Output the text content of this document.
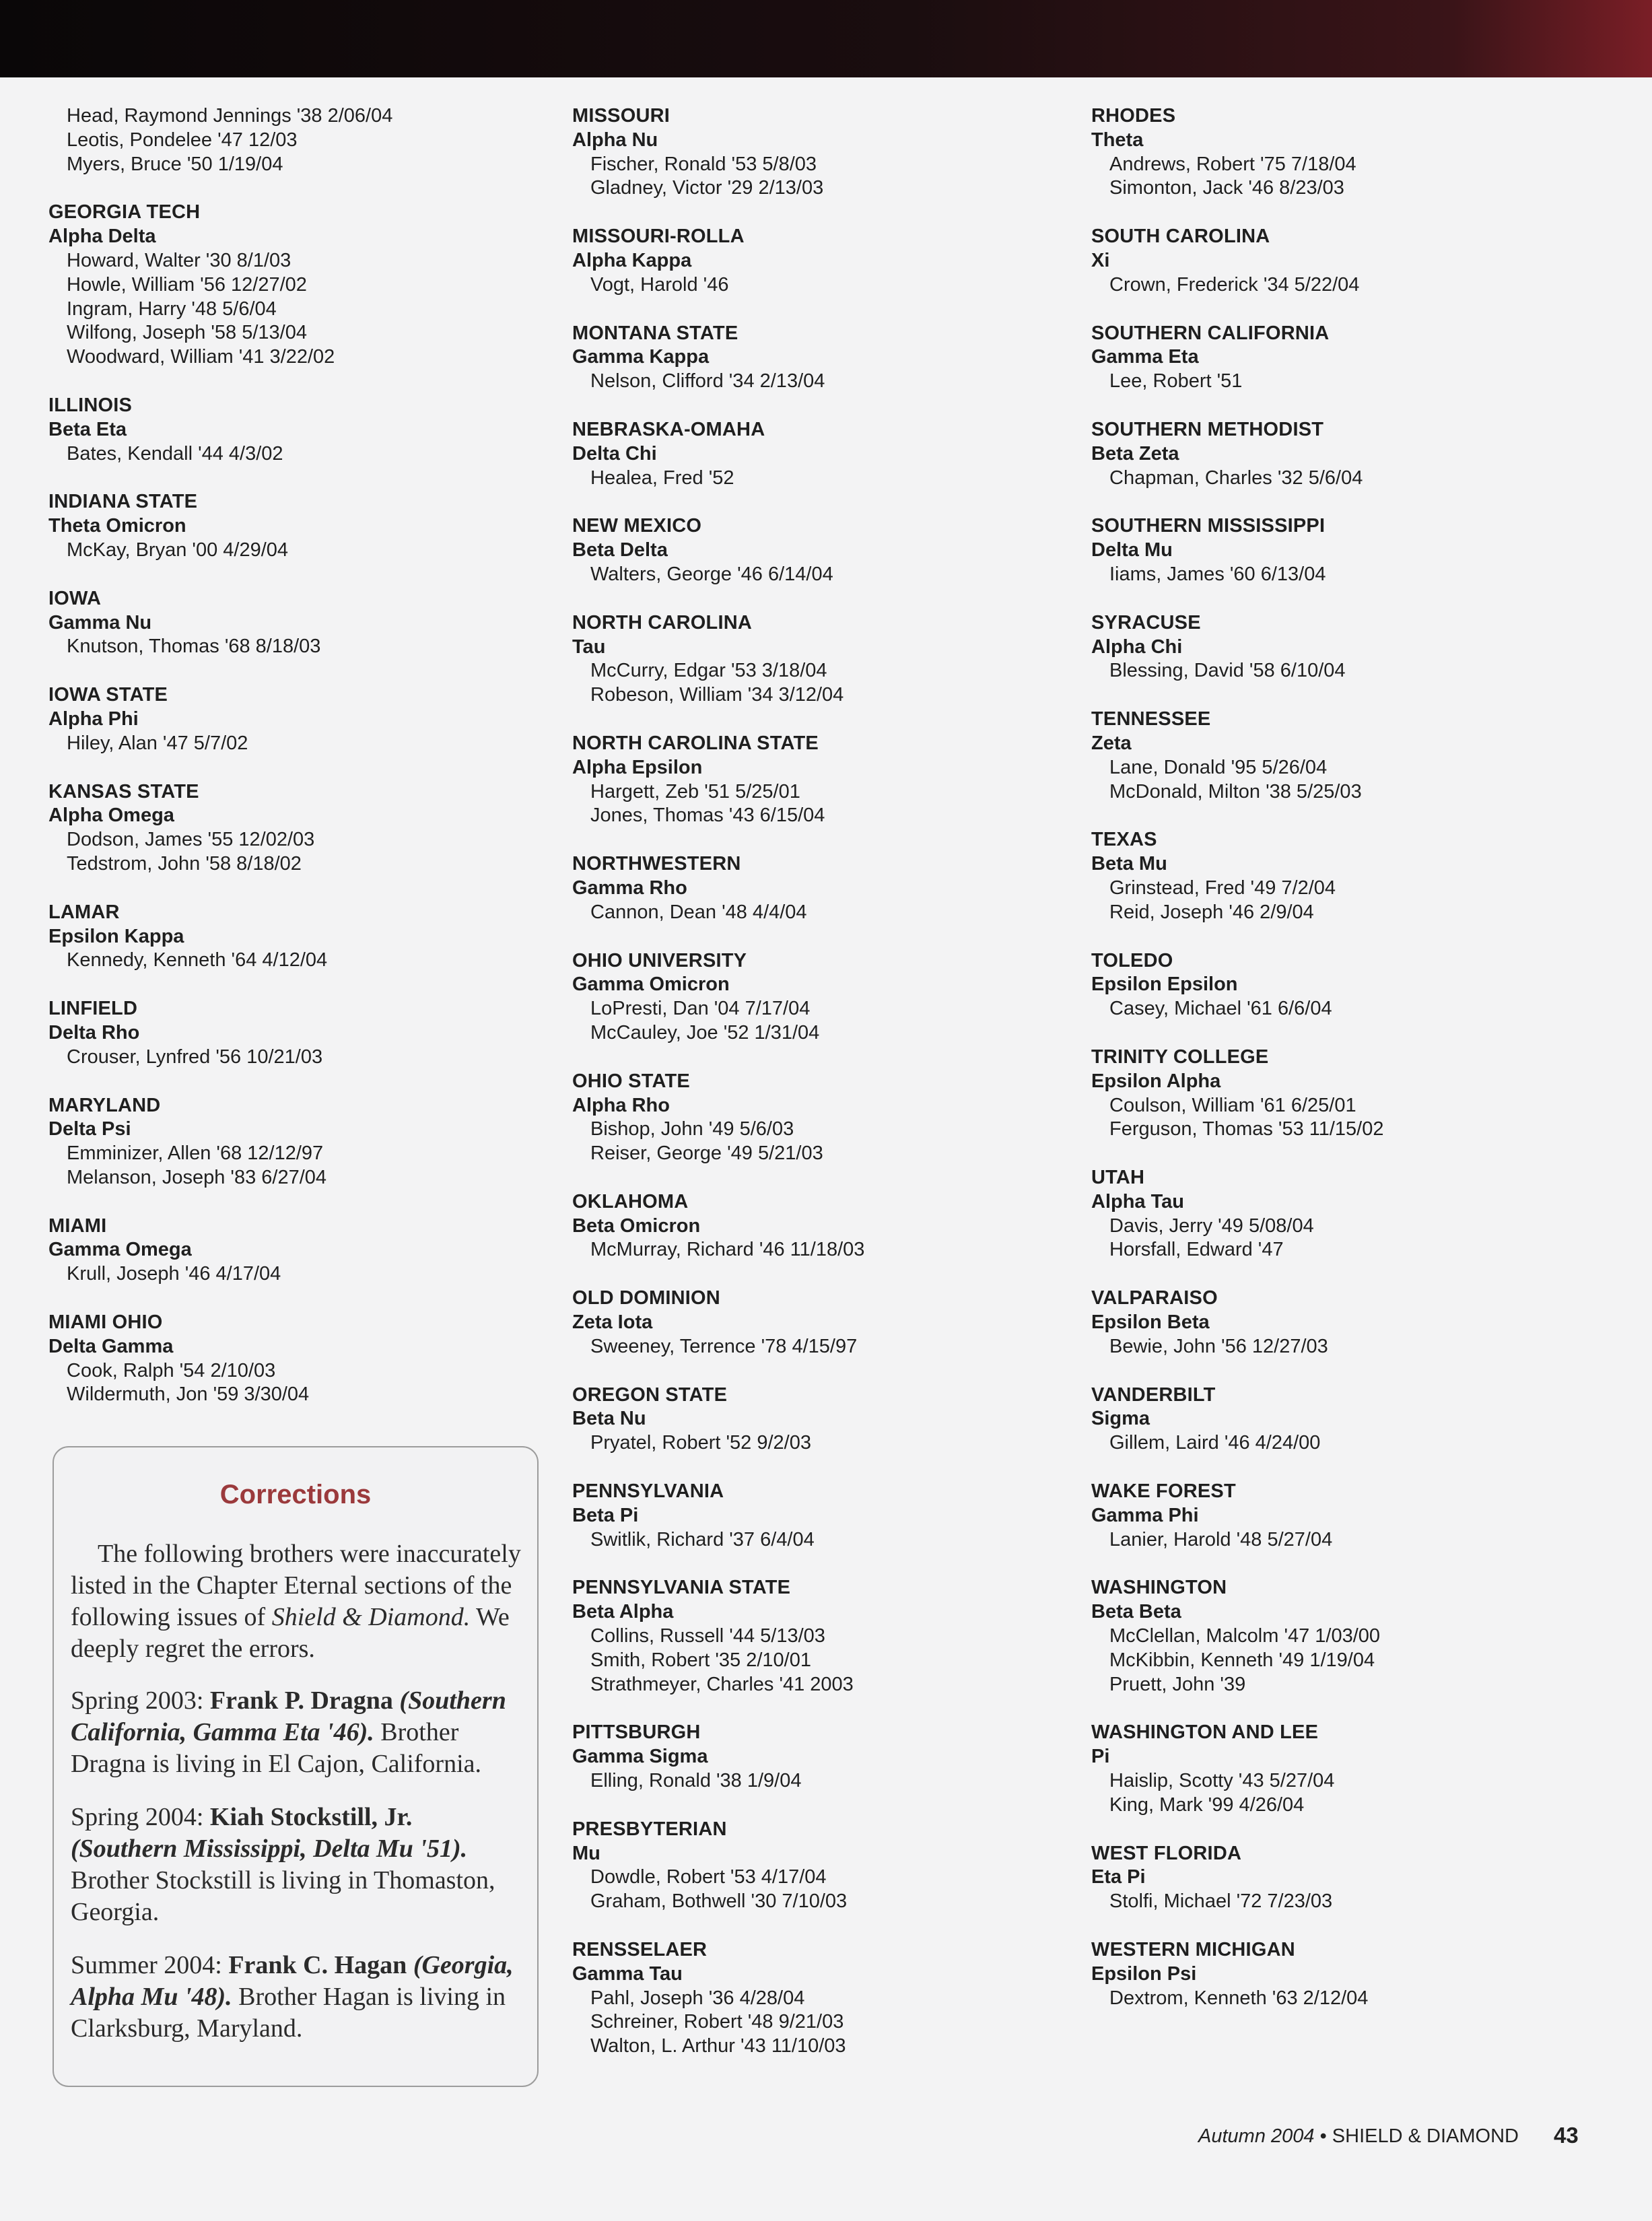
Head, Raymond Jennings '38 2/06/04
Leotis, Pondelee '47 12/03
Myers, Bruce '50 1/19/04
GEORGIA TECH
Alpha Delta
Howard, Walter '30 8/1/03
Howle, William '56 12/27/02
Ingram, Harry '48 5/6/04
Wilfong, Joseph '58 5/13/04
Woodward, William '41 3/22/02
ILLINOIS
Beta Eta
Bates, Kendall '44 4/3/02
INDIANA STATE
Theta Omicron
McKay, Bryan '00 4/29/04
IOWA
Gamma Nu
Knutson, Thomas '68 8/18/03
IOWA STATE
Alpha Phi
Hiley, Alan '47 5/7/02
KANSAS STATE
Alpha Omega
Dodson, James '55 12/02/03
Tedstrom, John '58 8/18/02
LAMAR
Epsilon Kappa
Kennedy, Kenneth '64 4/12/04
LINFIELD
Delta Rho
Crouser, Lynfred '56 10/21/03
MARYLAND
Delta Psi
Emminizer, Allen '68 12/12/97
Melanson, Joseph '83 6/27/04
MIAMI
Gamma Omega
Krull, Joseph '46 4/17/04
MIAMI OHIO
Delta Gamma
Cook, Ralph '54 2/10/03
Wildermuth, Jon '59 3/30/04
MISSOURI
Alpha Nu
Fischer, Ronald '53 5/8/03
Gladney, Victor '29 2/13/03
MISSOURI-ROLLA
Alpha Kappa
Vogt, Harold '46
MONTANA STATE
Gamma Kappa
Nelson, Clifford '34 2/13/04
NEBRASKA-OMAHA
Delta Chi
Healea, Fred '52
NEW MEXICO
Beta Delta
Walters, George '46 6/14/04
NORTH CAROLINA
Tau
McCurry, Edgar '53 3/18/04
Robeson, William '34 3/12/04
NORTH CAROLINA STATE
Alpha Epsilon
Hargett, Zeb '51 5/25/01
Jones, Thomas '43 6/15/04
NORTHWESTERN
Gamma Rho
Cannon, Dean '48 4/4/04
OHIO UNIVERSITY
Gamma Omicron
LoPresti, Dan '04 7/17/04
McCauley, Joe '52 1/31/04
OHIO STATE
Alpha Rho
Bishop, John '49 5/6/03
Reiser, George '49 5/21/03
OKLAHOMA
Beta Omicron
McMurray, Richard '46 11/18/03
OLD DOMINION
Zeta Iota
Sweeney, Terrence '78 4/15/97
OREGON STATE
Beta Nu
Pryatel, Robert '52 9/2/03
PENNSYLVANIA
Beta Pi
Switlik, Richard '37 6/4/04
PENNSYLVANIA STATE
Beta Alpha
Collins, Russell '44 5/13/03
Smith, Robert '35 2/10/01
Strathmeyer, Charles '41 2003
PITTSBURGH
Gamma Sigma
Elling, Ronald '38 1/9/04
PRESBYTERIAN
Mu
Dowdle, Robert '53 4/17/04
Graham, Bothwell '30 7/10/03
RENSSELAER
Gamma Tau
Pahl, Joseph '36 4/28/04
Schreiner, Robert '48 9/21/03
Walton, L. Arthur '43 11/10/03
RHODES
Theta
Andrews, Robert '75 7/18/04
Simonton, Jack '46 8/23/03
SOUTH CAROLINA
Xi
Crown, Frederick '34 5/22/04
SOUTHERN CALIFORNIA
Gamma Eta
Lee, Robert '51
SOUTHERN METHODIST
Beta Zeta
Chapman, Charles '32 5/6/04
SOUTHERN MISSISSIPPI
Delta Mu
Iiams, James '60 6/13/04
SYRACUSE
Alpha Chi
Blessing, David '58 6/10/04
TENNESSEE
Zeta
Lane, Donald '95 5/26/04
McDonald, Milton '38 5/25/03
TEXAS
Beta Mu
Grinstead, Fred '49 7/2/04
Reid, Joseph '46 2/9/04
TOLEDO
Epsilon Epsilon
Casey, Michael '61 6/6/04
TRINITY COLLEGE
Epsilon Alpha
Coulson, William '61 6/25/01
Ferguson, Thomas '53 11/15/02
UTAH
Alpha Tau
Davis, Jerry '49 5/08/04
Horsfall, Edward '47
VALPARAISO
Epsilon Beta
Bewie, John '56 12/27/03
VANDERBILT
Sigma
Gillem, Laird '46 4/24/00
WAKE FOREST
Gamma Phi
Lanier, Harold '48 5/27/04
WASHINGTON
Beta Beta
McClellan, Malcolm '47 1/03/00
McKibbin, Kenneth '49 1/19/04
Pruett, John '39
WASHINGTON AND LEE
Pi
Haislip, Scotty '43 5/27/04
King, Mark '99 4/26/04
WEST FLORIDA
Eta Pi
Stolfi, Michael '72 7/23/03
WESTERN MICHIGAN
Epsilon Psi
Dextrom, Kenneth '63 2/12/04
Corrections

The following brothers were inaccurately listed in the Chapter Eternal sections of the following issues of Shield & Diamond. We deeply regret the errors.

Spring 2003: Frank P. Dragna (Southern California, Gamma Eta '46). Brother Dragna is living in El Cajon, California.

Spring 2004: Kiah Stockstill, Jr. (Southern Mississippi, Delta Mu '51). Brother Stockstill is living in Thomaston, Georgia.

Summer 2004: Frank C. Hagan (Georgia, Alpha Mu '48). Brother Hagan is living in Clarksburg, Maryland.

Autumn 2004 • SHIELD & DIAMOND 43
